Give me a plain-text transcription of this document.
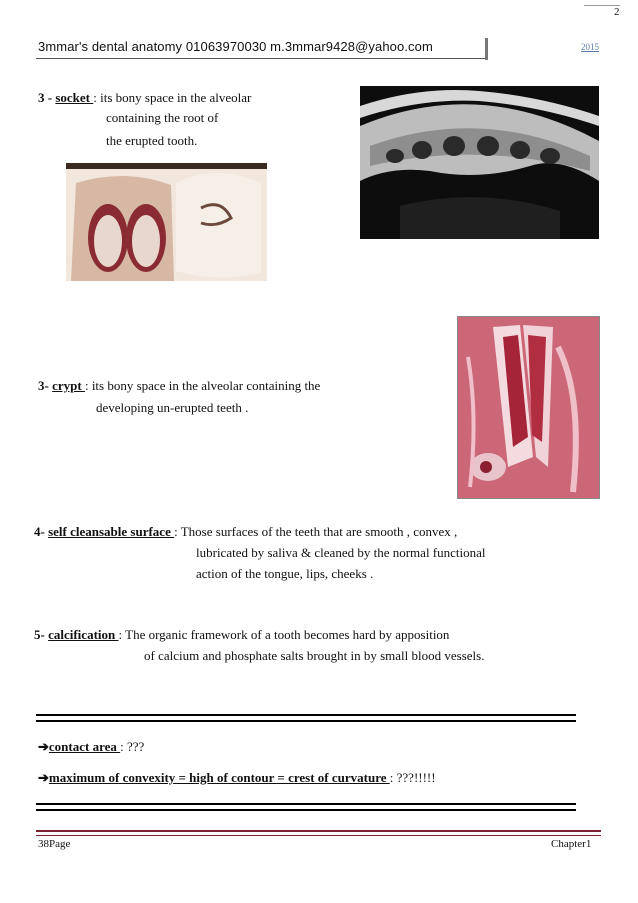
2
3mmar's dental anatomy 01063970030 m.3mmar9428@yahoo.com	2015
3 - socket : its bony space in the alveolar
containing the root of
the erupted tooth.
3- crypt : its bony space in the alveolar containing the
developing un-erupted teeth .
4- self cleansable surface : Those surfaces of the teeth that are smooth , convex ,
lubricated by saliva & cleaned by the normal functional
action of the tongue, lips, cheeks .
5- calcification : The organic framework of a tooth becomes hard by apposition
of calcium and phosphate salts brought in by small blood vessels.
➔contact area : ???
➔maximum of convexity = high of contour = crest of curvature : ???!!!!!
38Page	Chapter1
